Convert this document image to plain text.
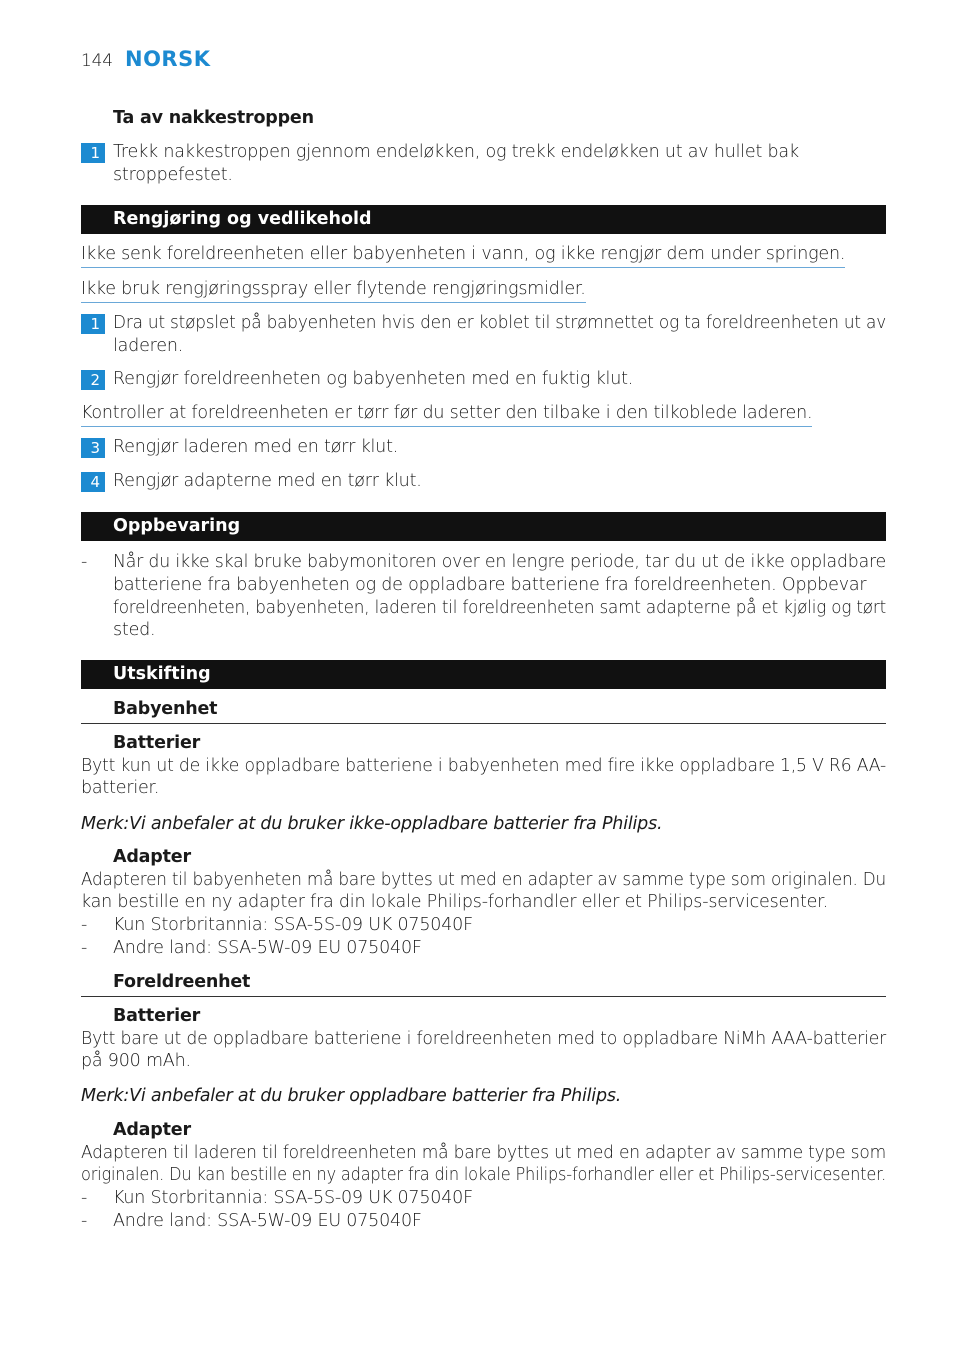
144 NORSK
Ta av nakkestroppen
1 Trekk nakkestroppen gjennom endeløkken, og trekk endeløkken ut av hullet bak
stroppefestet.
Rengjøring og vedlikehold
Ikke senk foreldreenheten eller babyenheten i vann, og ikke rengjør dem under springen.
Ikke bruk rengjøringsspray eller flytende rengjøringsmidler.
1 Dra ut støpslet på babyenheten hvis den er koblet til strømnettet og ta foreldreenheten ut av
laderen.
2 Rengjør foreldreenheten og babyenheten med en fuktig klut.
Kontroller at foreldreenheten er tørr før du setter den tilbake i den tilkoblede laderen.
3 Rengjør laderen med en tørr klut.
4 Rengjør adapterne med en tørr klut.
Oppbevaring
- Når du ikke skal bruke babymonitoren over en lengre periode, tar du ut de ikke oppladbare
batteriene fra babyenheten og de oppladbare batteriene fra foreldreenheten. Oppbevar
foreldreenheten, babyenheten, laderen til foreldreenheten samt adapterne på et kjølig og tørt
sted.
Utskifting
Babyenhet
Batterier
Bytt kun ut de ikke oppladbare batteriene i babyenheten med fire ikke oppladbare 1,5 V R6 AA-
batterier.
Merk:Vi anbefaler at du bruker ikke-oppladbare batterier fra Philips.
Adapter
Adapteren til babyenheten må bare byttes ut med en adapter av samme type som originalen. Du
kan bestille en ny adapter fra din lokale Philips-forhandler eller et Philips-servicesenter.
- Kun Storbritannia: SSA-5S-09 UK 075040F
- Andre land: SSA-5W-09 EU 075040F
Foreldreenhet
Batterier
Bytt bare ut de oppladbare batteriene i foreldreenheten med to oppladbare NiMh AAA-batterier
på 900 mAh.
Merk:Vi anbefaler at du bruker oppladbare batterier fra Philips.
Adapter
Adapteren til laderen til foreldreenheten må bare byttes ut med en adapter av samme type som
originalen. Du kan bestille en ny adapter fra din lokale Philips-forhandler eller et Philips-servicesenter.
- Kun Storbritannia: SSA-5S-09 UK 075040F
- Andre land: SSA-5W-09 EU 075040F
